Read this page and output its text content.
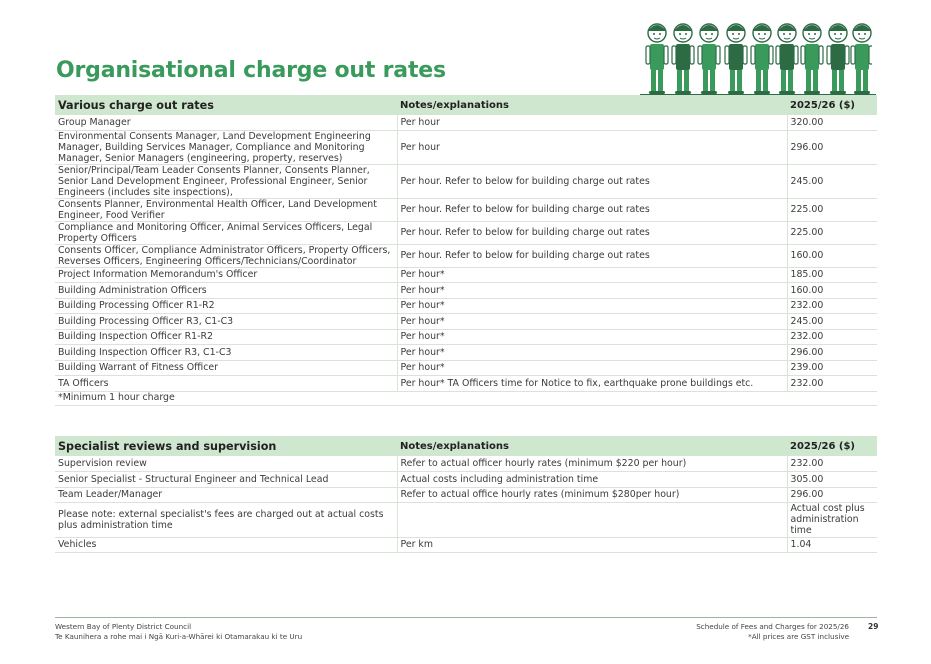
Organisational charge out rates
Various charge out rates	Notes/explanations	2025/26 ($)
Group Manager	Per hour	320.00
Environmental Consents Manager, Land Development Engineering Manager, Building Services Manager, Compliance and Monitoring Manager, Senior Managers (engineering, property, reserves)	Per hour	296.00
Senior/Principal/Team Leader Consents Planner, Consents Planner, Senior Land Development Engineer, Professional Engineer, Senior Engineers (includes site inspections),	Per hour. Refer to below for building charge out rates	245.00
Consents Planner, Environmental Health Officer, Land Development Engineer, Food Verifier	Per hour. Refer to below for building charge out rates	225.00
Compliance and Monitoring Officer, Animal Services Officers, Legal Property Officers	Per hour. Refer to below for building charge out rates	225.00
Consents Officer, Compliance Administrator Officers, Property Officers, Reverses Officers, Engineering Officers/Technicians/Coordinator	Per hour. Refer to below for building charge out rates	160.00
Project Information Memorandum's Officer	Per hour*	185.00
Building Administration Officers	Per hour*	160.00
Building Processing Officer R1-R2	Per hour*	232.00
Building Processing Officer R3, C1-C3	Per hour*	245.00
Building Inspection Officer R1-R2	Per hour*	232.00
Building Inspection Officer R3, C1-C3	Per hour*	296.00
Building Warrant of Fitness Officer	Per hour*	239.00
TA Officers	Per hour* TA Officers time for Notice to fix, earthquake prone buildings etc.	232.00
*Minimum 1 hour charge
Specialist reviews and supervision	Notes/explanations	2025/26 ($)
Supervision review	Refer to actual officer hourly rates (minimum $220 per hour)	232.00
Senior Specialist - Structural Engineer and Technical Lead	Actual costs including administration time	305.00
Team Leader/Manager	Refer to actual office hourly rates (minimum $280per hour)	296.00
Please note: external specialist's fees are charged out at actual costs plus administration time		Actual cost plus administration time
Vehicles	Per km	1.04
Western Bay of Plenty District Council
Te Kaunihera a rohe mai i Ngā Kuri-a-Whārei ki Otamarakau ki te Uru
Schedule of Fees and Charges for 2025/26
*All prices are GST inclusive
29
